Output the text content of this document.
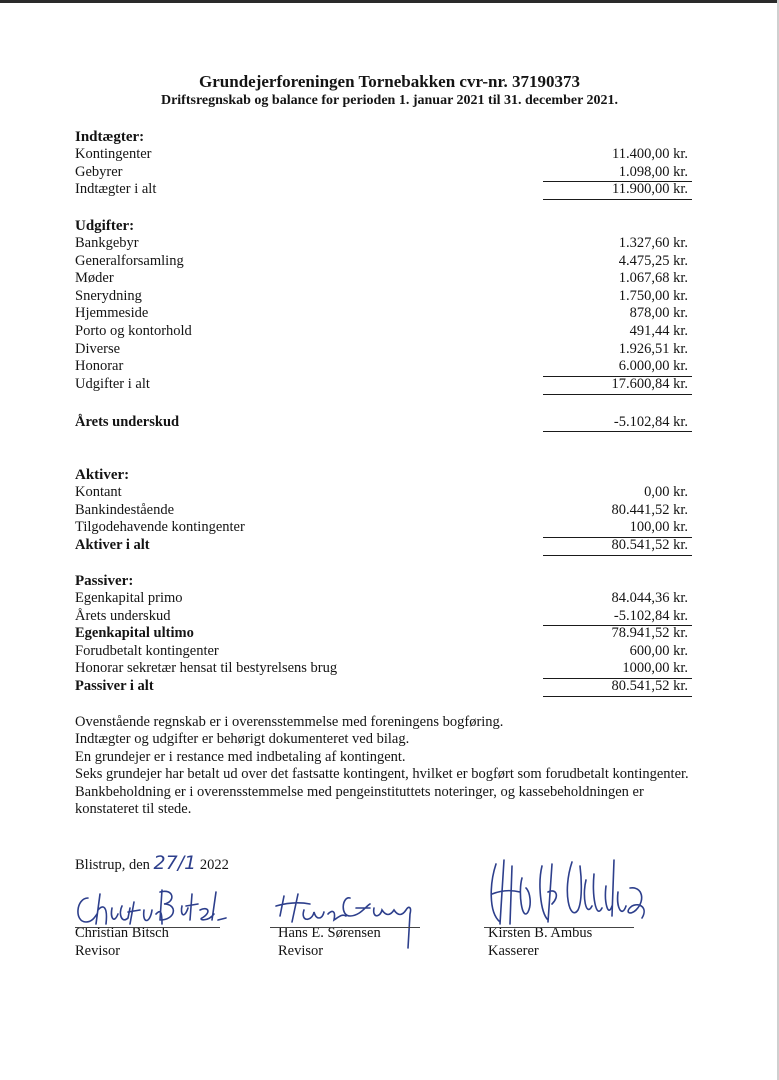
Grundejerforeningen Tornebakken cvr-nr. 37190373
Driftsregnskab og balance for perioden 1. januar 2021 til 31. december 2021.
Indtægter:
Kontingenter	11.400,00 kr.
Gebyrer	1.098,00 kr.
Indtægter i alt	11.900,00 kr.
Udgifter:
Bankgebyr	1.327,60 kr.
Generalforsamling	4.475,25 kr.
Møder	1.067,68 kr.
Snerydning	1.750,00 kr.
Hjemmeside	878,00 kr.
Porto og kontorhold	491,44 kr.
Diverse	1.926,51 kr.
Honorar	6.000,00 kr.
Udgifter i alt	17.600,84 kr.
Årets underskud	-5.102,84 kr.
Aktiver:
Kontant	0,00 kr.
Bankindestående	80.441,52 kr.
Tilgodehavende kontingenter	100,00 kr.
Aktiver i alt	80.541,52 kr.
Passiver:
Egenkapital primo	84.044,36 kr.
Årets underskud	-5.102,84 kr.
Egenkapital ultimo	78.941,52 kr.
Forudbetalt kontingenter	600,00 kr.
Honorar sekretær hensat til bestyrelsens brug	1000,00 kr.
Passiver i alt	80.541,52 kr.

Ovenstående regnskab er i overensstemmelse med foreningens bogføring.

Indtægter og udgifter er behørigt dokumenteret ved bilag.

En grundejer er i restance med indbetaling af kontingent.

Seks grundejer har betalt ud over det fastsatte kontingent, hvilket er bogført som forudbetalt kontingenter.

Bankbeholdning er i overensstemmelse med pengeinstituttets noteringer, og kassebeholdningen er konstateret til stede.

Blistrup, den 27/1 2022
Christian Bitsch
Revisor
Hans E. Sørensen
Revisor
Kirsten B. Ambus
Kasserer
